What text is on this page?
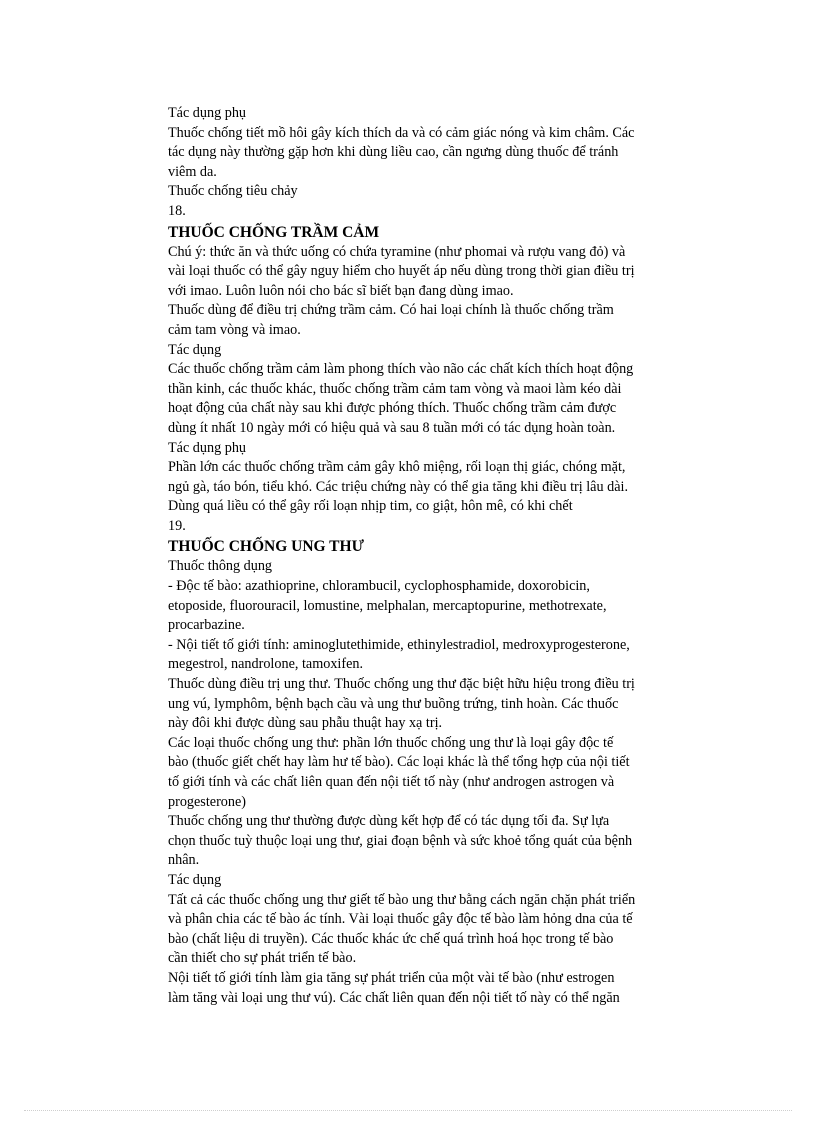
Tác dụng phụ
Thuốc chống tiết mồ hôi gây kích thích da và có cảm giác nóng và kim châm. Các
tác dụng này thường gặp hơn khi dùng liều cao, cần ngưng dùng thuốc để tránh
viêm da.
Thuốc chống tiêu chảy
18.
THUỐC CHỐNG TRẦM CẢM
Chú ý: thức ăn và thức uống có chứa tyramine (như phomai và rượu vang đỏ) và
vài loại thuốc có thể gây nguy hiểm cho huyết áp nếu dùng trong thời gian điều trị
với imao. Luôn luôn nói cho bác sĩ biết bạn đang dùng imao.
Thuốc dùng để điều trị chứng trầm cảm. Có hai loại chính là thuốc chống trầm
cảm tam vòng và imao.
Tác dụng
Các thuốc chống trầm cảm làm phong thích vào não các chất kích thích hoạt động
thần kinh, các thuốc khác, thuốc chống trầm cảm tam vòng và maoi làm kéo dài
hoạt động của chất này sau khi được phóng thích. Thuốc chống trầm cảm được
dùng ít nhất 10 ngày mới có hiệu quả và sau 8 tuần mới có tác dụng hoàn toàn.
Tác dụng phụ
Phần lớn các thuốc chống trầm cảm gây khô miệng, rối loạn thị giác, chóng mặt,
ngủ gà, táo bón, tiểu khó. Các triệu chứng này có thể gia tăng khi điều trị lâu dài.
Dùng quá liều có thể gây rối loạn nhịp tim, co giật, hôn mê, có khi chết
19.
THUỐC CHỐNG UNG THƯ
Thuốc thông dụng
- Độc tế bào: azathioprine, chlorambucil, cyclophosphamide, doxorobicin,
etoposide, fluorouracil, lomustine, melphalan, mercaptopurine, methotrexate,
procarbazine.
- Nội tiết tố giới tính: aminoglutethimide, ethinylestradiol, medroxyprogesterone,
megestrol, nandrolone, tamoxifen.
Thuốc dùng điều trị ung thư. Thuốc chống ung thư đặc biệt hữu hiệu trong điều trị
ung vú, lymphôm, bệnh bạch cầu và ung thư buồng trứng, tinh hoàn. Các thuốc
này đôi khi được dùng sau phẫu thuật hay xạ trị.
Các loại thuốc chống ung thư: phần lớn thuốc chống ung thư là loại gây độc tế
bào (thuốc giết chết hay làm hư tế bào). Các loại khác là thể tổng hợp của nội tiết
tố giới tính và các chất liên quan đến nội tiết tố này (như androgen astrogen và
progesterone)
Thuốc chống ung thư thường được dùng kết hợp để có tác dụng tối đa. Sự lựa
chọn thuốc tuỳ thuộc loại ung thư, giai đoạn bệnh và sức khoẻ tổng quát của bệnh
nhân.
Tác dụng
Tất cả các thuốc chống ung thư giết tế bào ung thư bằng cách ngăn chặn phát triển
và phân chia các tế bào ác tính. Vài loại thuốc gây độc tế bào làm hỏng dna của tế
bào (chất liệu di truyền). Các thuốc khác ức chế quá trình hoá học trong tế bào
cần thiết cho sự phát triển tế bào.
Nội tiết tố giới tính làm gia tăng sự phát triển của một vài tế bào (như estrogen
làm tăng vài loại ung thư vú). Các chất liên quan đến nội tiết tố này có thể ngăn
